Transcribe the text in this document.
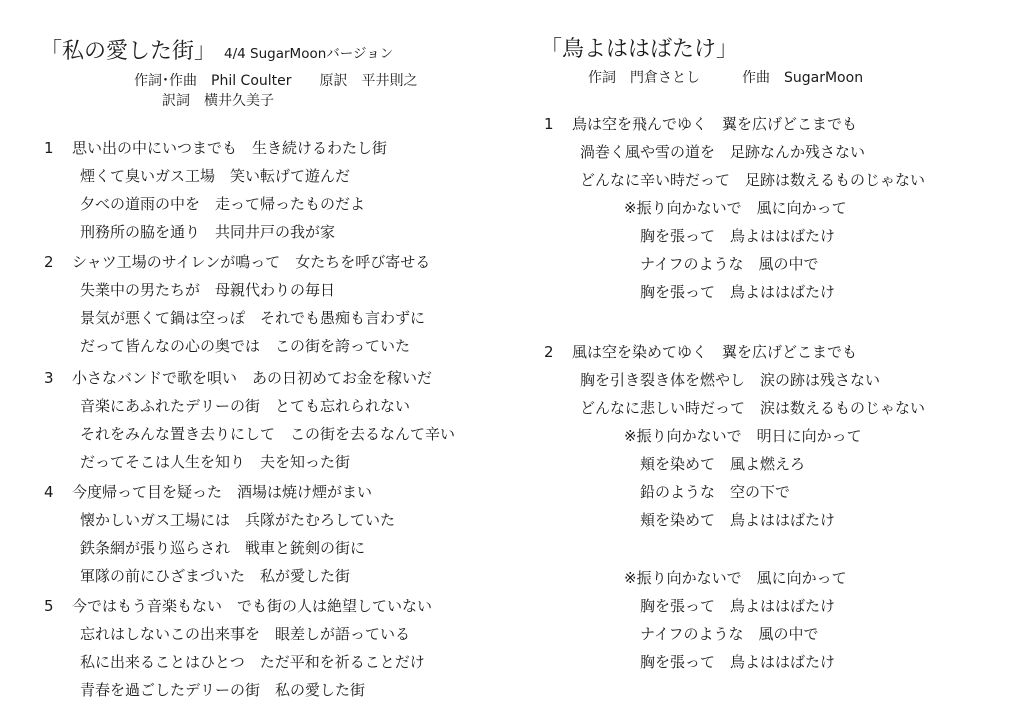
「私の愛した街」 4/4 SugarMoonバージョン
作詞･作曲　Phil Coulter　　原訳　平井則之
訳詞　横井久美子
1 思い出の中にいつまでも　生き続けるわたし街
煙くて臭いガス工場　笑い転げて遊んだ
夕べの道雨の中を　走って帰ったものだよ
刑務所の脇を通り　共同井戸の我が家
2 シャツ工場のサイレンが鳴って　女たちを呼び寄せる
失業中の男たちが　母親代わりの毎日
景気が悪くて鍋は空っぽ　それでも愚痴も言わずに
だって皆んなの心の奥では　この街を誇っていた
3 小さなバンドで歌を唄い　あの日初めてお金を稼いだ
音楽にあふれたデリーの街　とても忘れられない
それをみんな置き去りにして　この街を去るなんて辛い
だってそこは人生を知り　夫を知った街
4 今度帰って目を疑った　酒場は焼け煙がまい
懐かしいガス工場には　兵隊がたむろしていた
鉄条網が張り巡らされ　戦車と銃剣の街に
軍隊の前にひざまづいた　私が愛した街
5 今ではもう音楽もない　でも街の人は絶望していない
忘れはしないこの出来事を　眼差しが語っている
私に出来ることはひとつ　ただ平和を祈ることだけ
青春を過ごしたデリーの街　私の愛した街
「鳥よははばたけ」
作詞　門倉さとし　　　作曲　SugarMoon
1 鳥は空を飛んでゆく　翼を広げどこまでも
渦巻く風や雪の道を　足跡なんか残さない
どんなに辛い時だって　足跡は数えるものじゃない
※振り向かないで　風に向かって
胸を張って　鳥よははばたけ
ナイフのような　風の中で
胸を張って　鳥よははばたけ
2 風は空を染めてゆく　翼を広げどこまでも
胸を引き裂き体を燃やし　涙の跡は残さない
どんなに悲しい時だって　涙は数えるものじゃない
※振り向かないで　明日に向かって
頬を染めて　風よ燃えろ
鉛のような　空の下で
頬を染めて　鳥よははばたけ
※振り向かないで　風に向かって
胸を張って　鳥よははばたけ
ナイフのような　風の中で
胸を張って　鳥よははばたけ
